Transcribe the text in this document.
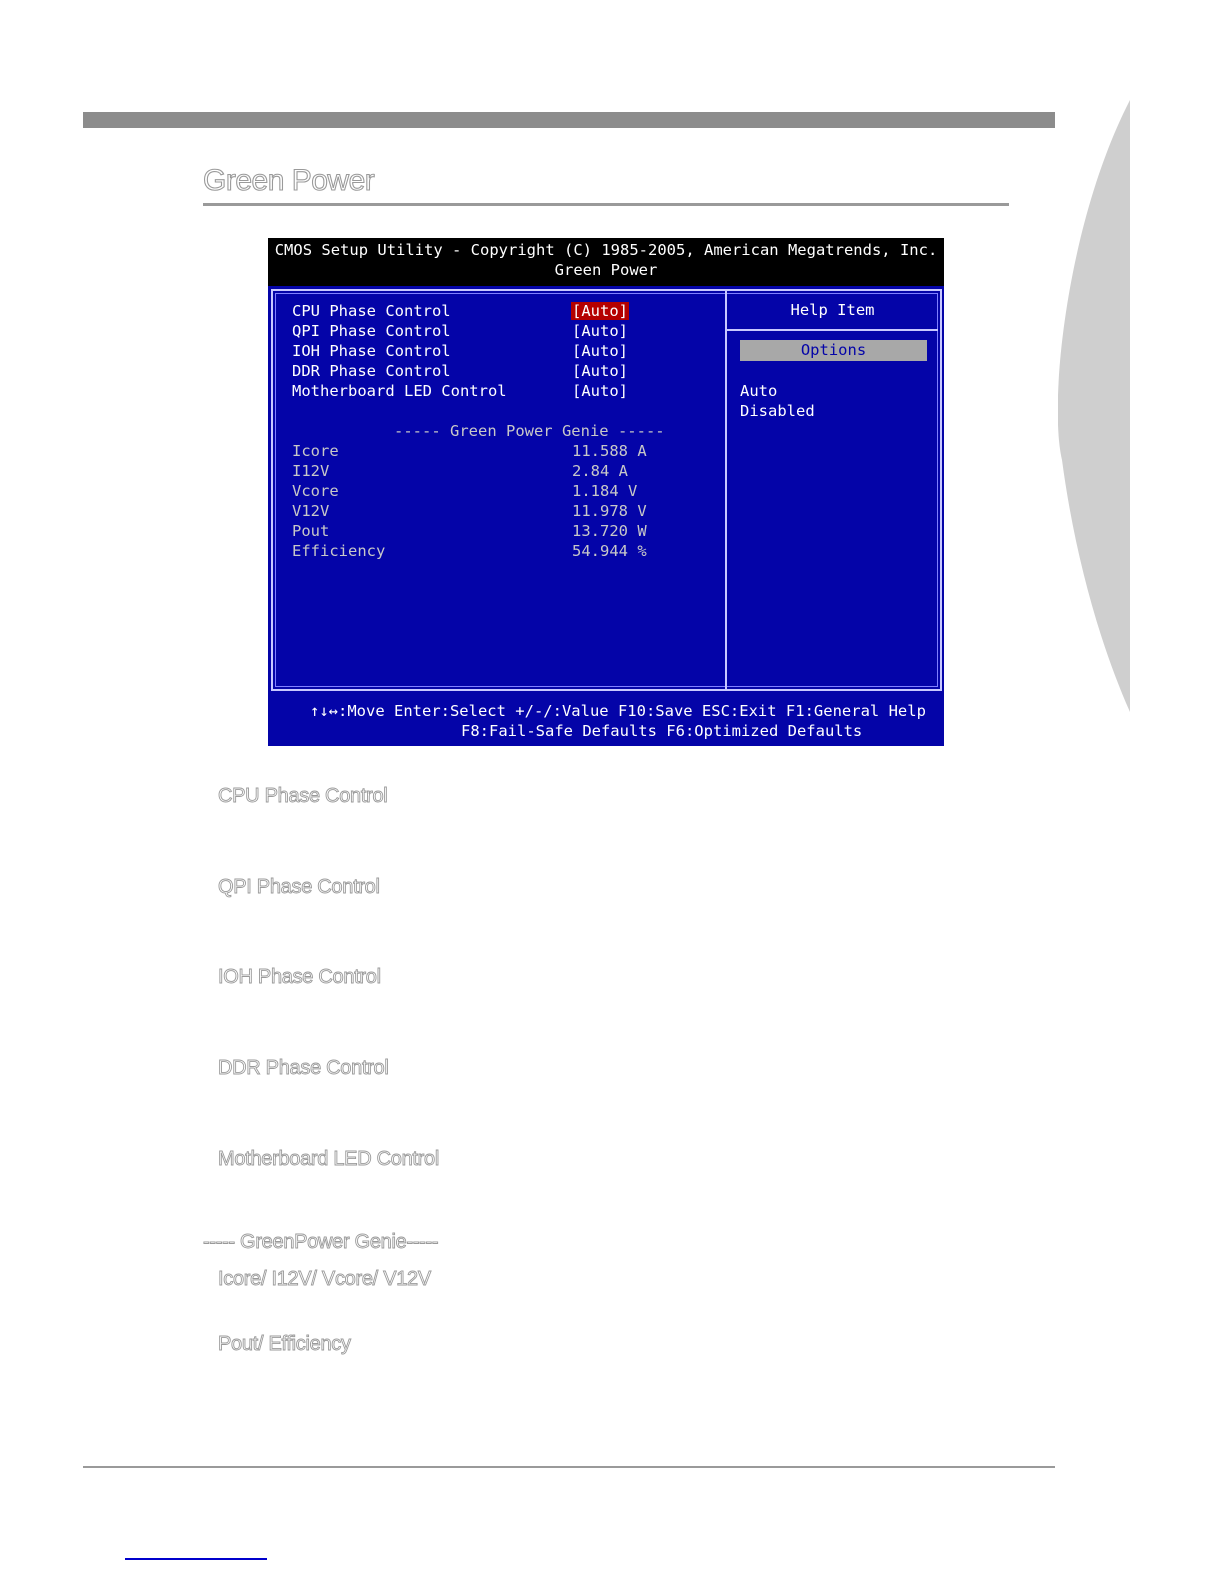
Green Power
CMOS Setup Utility - Copyright (C) 1985-2005, American Megatrends, Inc.
Green Power
CPU Phase Control	[Auto]
QPI Phase Control	[Auto]
IOH Phase Control	[Auto]
DDR Phase Control	[Auto]
Motherboard LED Control	[Auto]
----- Green Power Genie -----
Icore	11.588 A
I12V	2.84 A
Vcore	1.184 V
V12V	11.978 V
Pout	13.720 W
Efficiency	54.944 %
Help Item
Options
Auto
Disabled
↑↓↔:Move Enter:Select +/-/:Value F10:Save ESC:Exit F1:General Help
F8:Fail-Safe Defaults F6:Optimized Defaults
CPU Phase Control
QPI Phase Control
IOH Phase Control
DDR Phase Control
Motherboard LED Control
----- GreenPower Genie-----
Icore/ I12V/ Vcore/ V12V
Pout/ Efficiency
